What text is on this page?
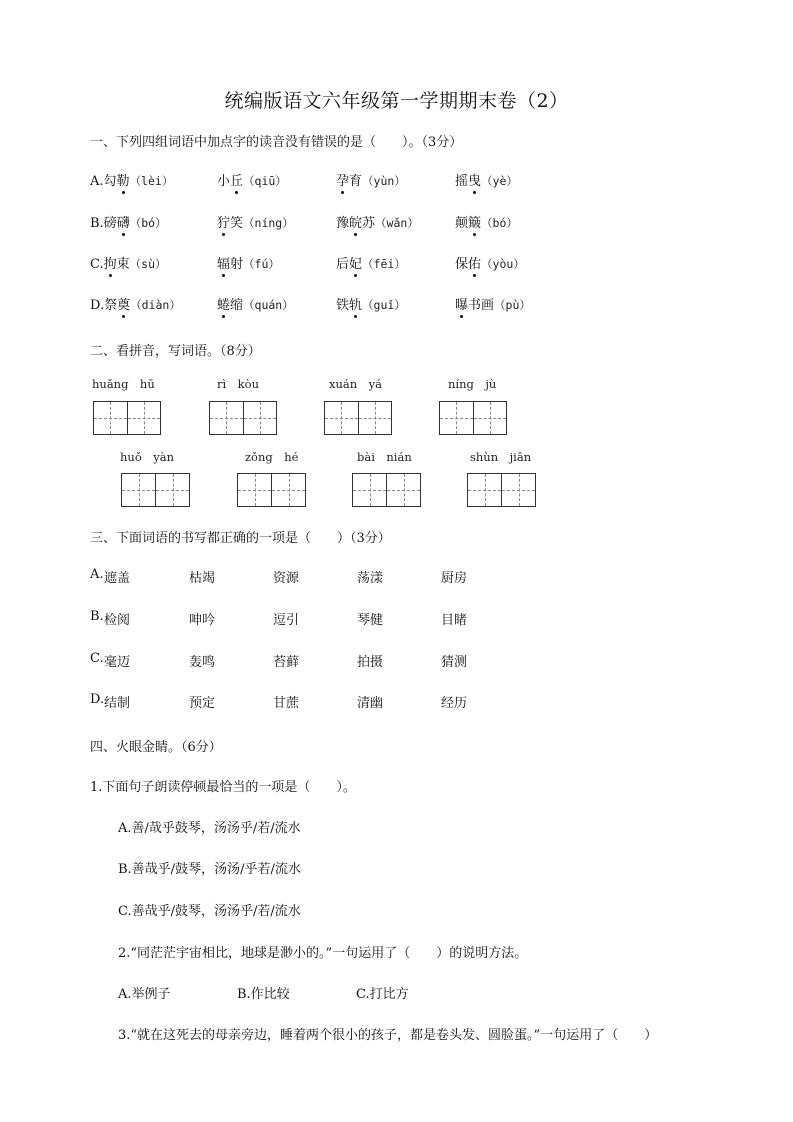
统编版语文六年级第一学期期末卷（2）
一、下列四组词语中加点字的读音没有错误的是（　　）。（3分）
A.勾勒（lèi）	小丘（qiū）	孕育（yùn）	摇曳（yè）
B.磅礴（bó）	狞笑（níng）	豫皖苏（wǎn）	颠簸（bó）
C.拘束（sù）	辐射（fú）	后妃（fēi）	保佑（yòu）
D.祭奠（diàn）	蜷缩（quán）	铁轨（guǐ）	曝书画（pù）
二、看拼音，写词语。（8分）
huǎng　hū	rì　kòu	xuán　yá	níng　jù
huǒ　yàn	zǒng　hé	bài　nián	shùn　jiān
三、下面词语的书写都正确的一项是（　　）（3分）
A. 遮盖	枯竭	资源	荡漾	厨房
B. 检阅	呻吟	逗引	琴健	目睹
C. 毫迈	轰鸣	苔藓	拍摄	猜测
D. 结制	预定	甘蔗	清幽	经历
四、火眼金睛。（6分）
1.下面句子朗读停顿最恰当的一项是（　　）。
A.善/哉乎鼓琴，汤汤乎/若/流水
B.善哉乎/鼓琴，汤汤/乎若/流水
C.善哉乎/鼓琴，汤汤乎/若/流水
2.“同茫茫宇宙相比，地球是渺小的。”一句运用了（　　）的说明方法。
A.举例子	B.作比较	C.打比方
3.“就在这死去的母亲旁边，睡着两个很小的孩子，都是卷头发、圆脸蛋。”一句运用了（　　）
